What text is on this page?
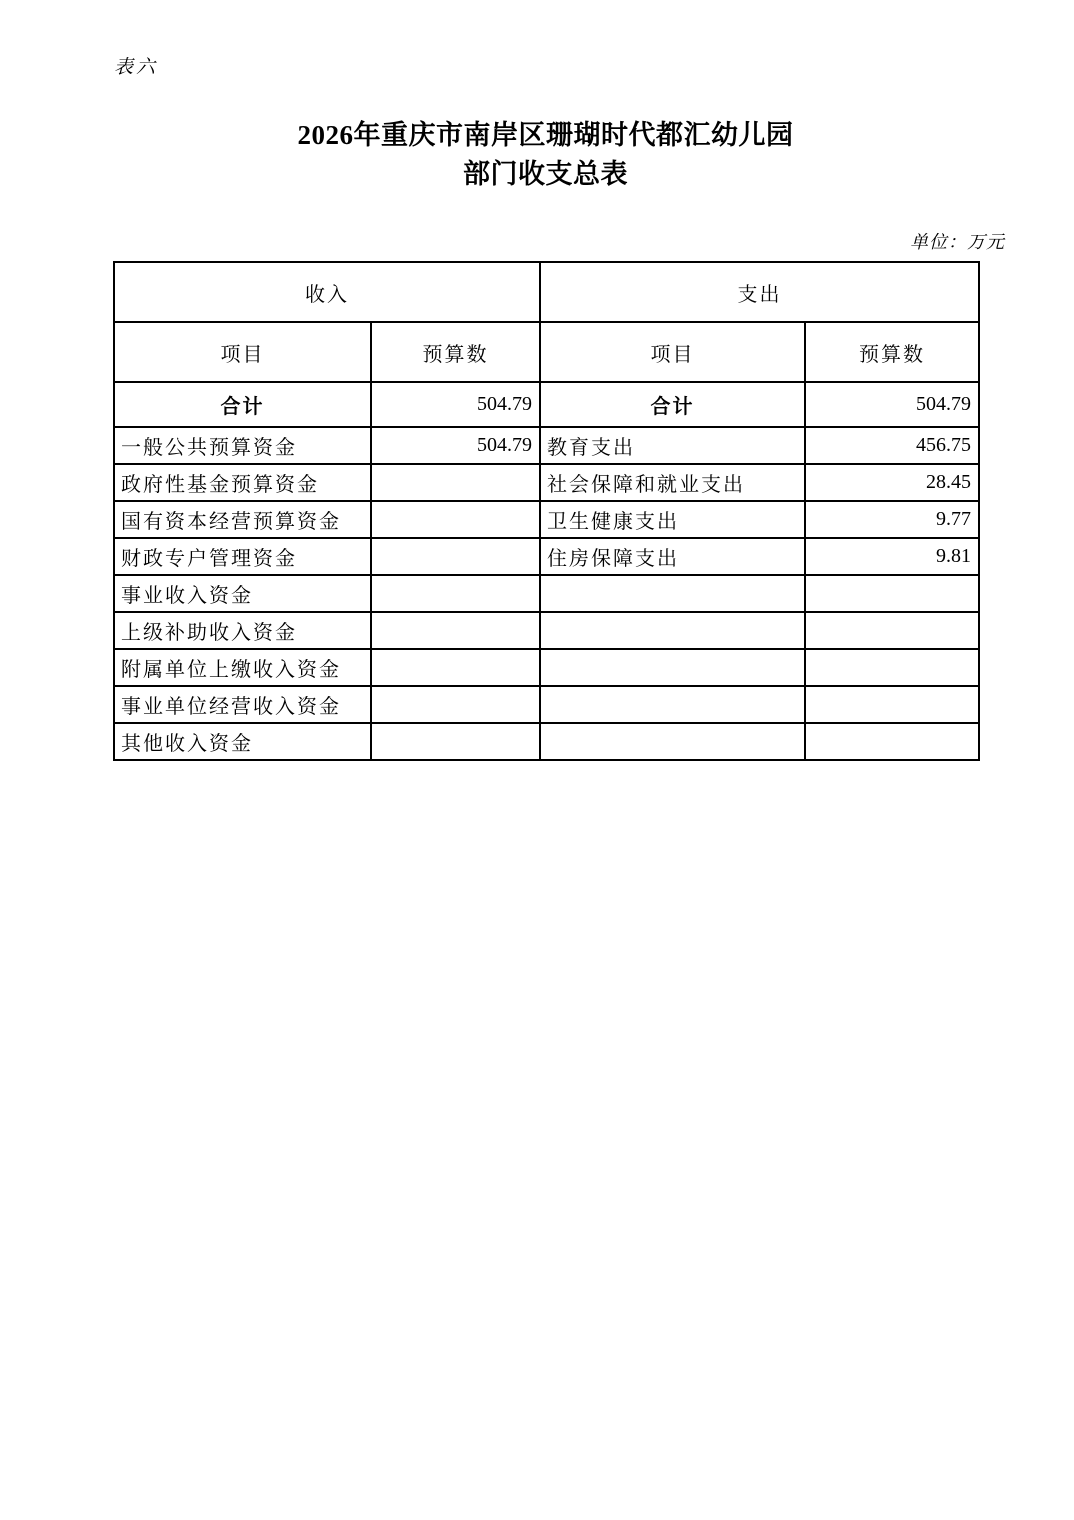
表六
2026年重庆市南岸区珊瑚时代都汇幼儿园
部门收支总表
单位：万元
收入		支出	
项目	预算数	项目	预算数
合计	504.79	合计	504.79
一般公共预算资金	504.79	教育支出	456.75
政府性基金预算资金		社会保障和就业支出	28.45
国有资本经营预算资金		卫生健康支出	9.77
财政专户管理资金		住房保障支出	9.81
事业收入资金			
上级补助收入资金			
附属单位上缴收入资金			
事业单位经营收入资金			
其他收入资金			
